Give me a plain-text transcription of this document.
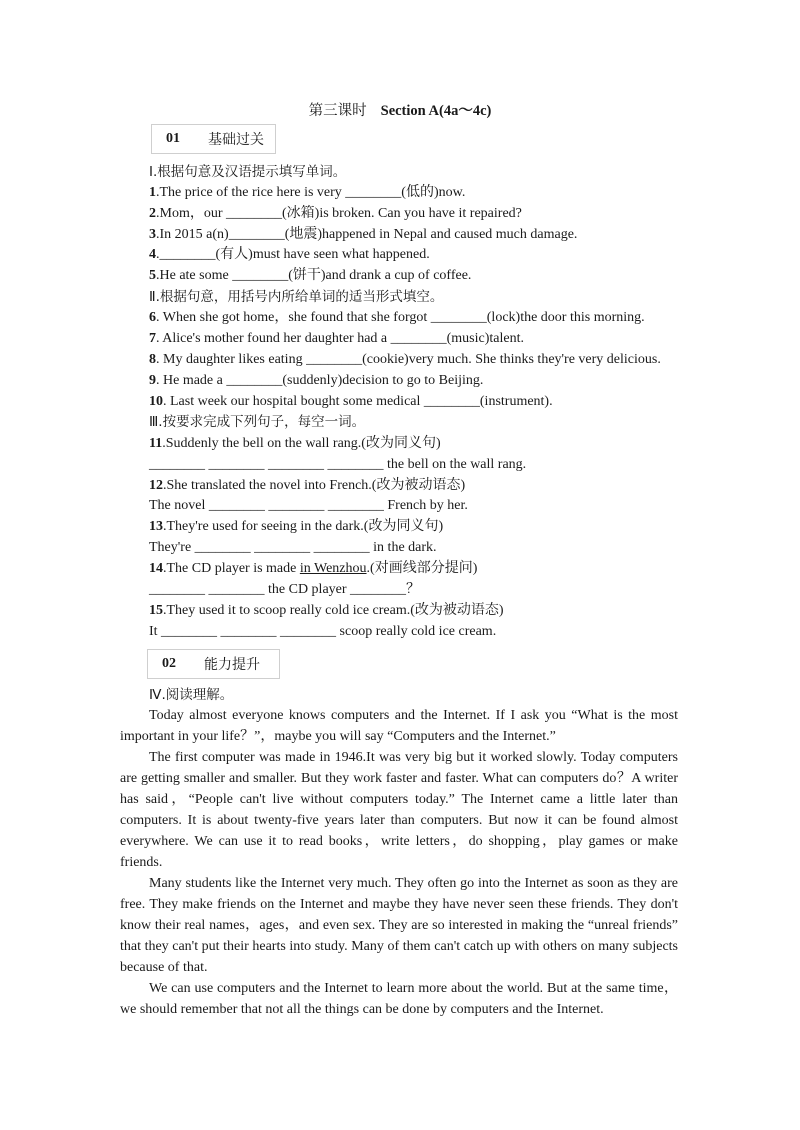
第三课时 Section A(4a～4c)
01	基础过关
Ⅰ.根据句意及汉语提示填写单词。
1.The price of the rice here is very ________(低的)now.
2.Mom，our ________(冰箱)is broken. Can you have it repaired?
3.In 2015 a(n)________(地震)happened in Nepal and caused much damage.
4.________(有人)must have seen what happened.
5.He ate some ________(饼干)and drank a cup of coffee.
Ⅱ.根据句意，用括号内所给单词的适当形式填空。
6. When she got home，she found that she forgot ________(lock)the door this morning.
7. Alice's mother found her daughter had a ________(music)talent.
8. My daughter likes eating ________(cookie)very much. She thinks they're very delicious.
9. He made a ________(suddenly)decision to go to Beijing.
10. Last week our hospital bought some medical ________(instrument).
Ⅲ.按要求完成下列句子，每空一词。
11.Suddenly the bell on the wall rang.(改为同义句)
________ ________ ________ ________ the bell on the wall rang.
12.She translated the novel into French.(改为被动语态)
The novel ________ ________ ________ French by her.
13.They're used for seeing in the dark.(改为同义句)
They're ________ ________ ________ in the dark.
14.The CD player is made in Wenzhou.(对画线部分提问)
________ ________ the CD player ________？
15.They used it to scoop really cold ice cream.(改为被动语态)
It ________ ________ ________ scoop really cold ice cream.
02	能力提升
Ⅳ.阅读理解。
Today almost everyone knows computers and the Internet. If I ask you “What is the most important in your life？”，maybe you will say “Computers and the Internet.”
The first computer was made in 1946.It was very big but it worked slowly. Today computers are getting smaller and smaller. But they work faster and faster. What can computers do？A writer has said，“People can't live without computers today.” The Internet came a little later than computers. It is about twenty-five years later than computers. But now it can be found almost everywhere. We can use it to read books，write letters，do shopping，play games or make friends.
Many students like the Internet very much. They often go into the Internet as soon as they are free. They make friends on the Internet and maybe they have never seen these friends. They don't know their real names，ages，and even sex. They are so interested in making the “unreal friends” that they can't put their hearts into study. Many of them can't catch up with others on many subjects because of that.
We can use computers and the Internet to learn more about the world. But at the same time，we should remember that not all the things can be done by computers and the Internet.
